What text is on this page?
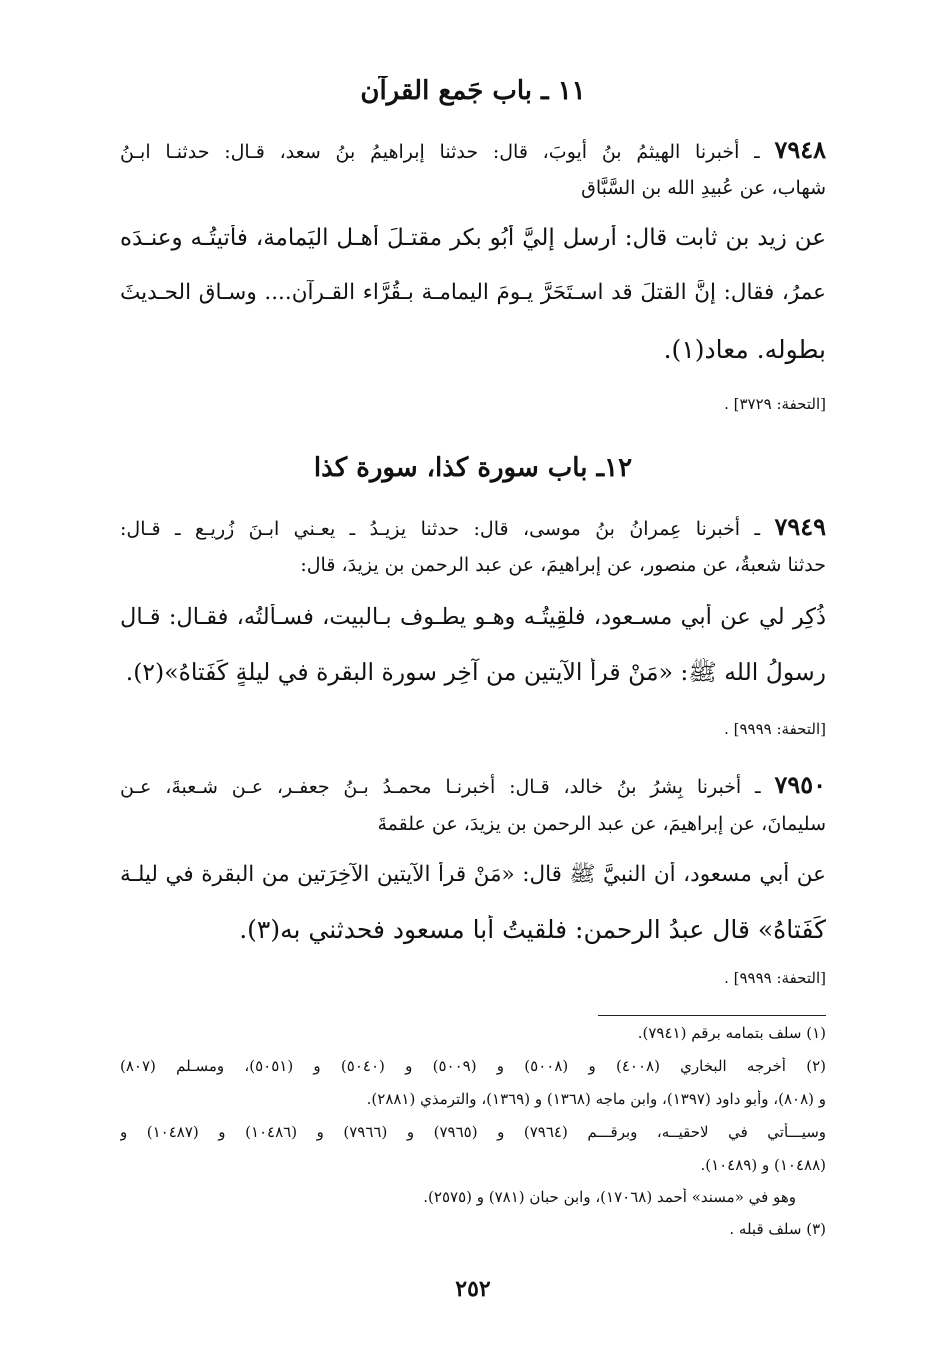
١١ ـ باب جَمع القرآن
٧٩٤٨ ـ أخبرنا الهيثمُ بنُ أيوبَ، قال: حدثنا إبراهيمُ بنُ سعد، قـال: حدثنـا ابـنُ
شهاب، عن عُبيدِ الله بن السَّبَّاق
عن زيد بن ثابت قال: أرسل إليَّ أبُو بكر مقتـلَ أهـل اليَمامة، فأتيتُـه وعنـدَه
عمرُ، فقال: إنَّ القتلَ قد اسـتَحَرَّ يـومَ اليمامـة بـقُرَّاء القـرآن.... وسـاق الحـديثَ
بطوله. معاد(١).
[التحفة: ٣٧٢٩] .
١٢ـ باب سورة كذا، سورة كذا
٧٩٤٩ ـ أخبرنا عِمرانُ بنُ موسى، قال: حدثنا يزيـدُ ـ يعـني ابـنَ زُريـع ـ قـال:
حدثنا شعبةُ، عن منصور، عن إبراهيمَ، عن عبد الرحمن بن يزيدَ، قال:
ذُكِر لي عن أبي مسـعود، فلقِيتُـه وهـو يطـوف بـالبيت، فسـألتُه، فقـال: قـال
رسولُ الله ﷺ: «مَنْ قرأ الآيتين من آخِرِ سورة البقرة في ليلةٍ كَفَتاهُ»(٢).
[التحفة: ٩٩٩٩] .
٧٩٥٠ ـ أخبرنا بِشرُ بنُ خالد، قـال: أخبرنـا محمـدُ بـنُ جعفـر، عـن شـعبةَ، عـن
سليمانَ، عن إبراهيمَ، عن عبد الرحمن بن يزيدَ، عن علقمةَ
عن أبي مسعود، أن النبيَّ ﷺ قال: «مَنْ قرأَ الآيتين الآخِرَتين من البقرة في ليلـة
كَفَتاهُ» قال عبدُ الرحمن: فلقيتُ أبا مسعود فحدثني به(٣).
[التحفة: ٩٩٩٩] .
(١) سلف بتمامه برقم (٧٩٤١).
(٢) أخرجه البخاري (٤٠٠٨) و (٥٠٠٨) و (٥٠٠٩) و (٥٠٤٠) و (٥٠٥١)، ومسـلم (٨٠٧)
و (٨٠٨)، وأبو داود (١٣٩٧)، وابن ماجه (١٣٦٨) و (١٣٦٩)، والترمذي (٢٨٨١).
وسيـــأتي في لاحقيــه، وبرقـــم (٧٩٦٤) و (٧٩٦٥) و (٧٩٦٦) و (١٠٤٨٦) و (١٠٤٨٧) و
(١٠٤٨٨) و (١٠٤٨٩).
وهو في «مسند» أحمد (١٧٠٦٨)، وابن حبان (٧٨١) و (٢٥٧٥).
(٣) سلف قبله .
٢٥٢
